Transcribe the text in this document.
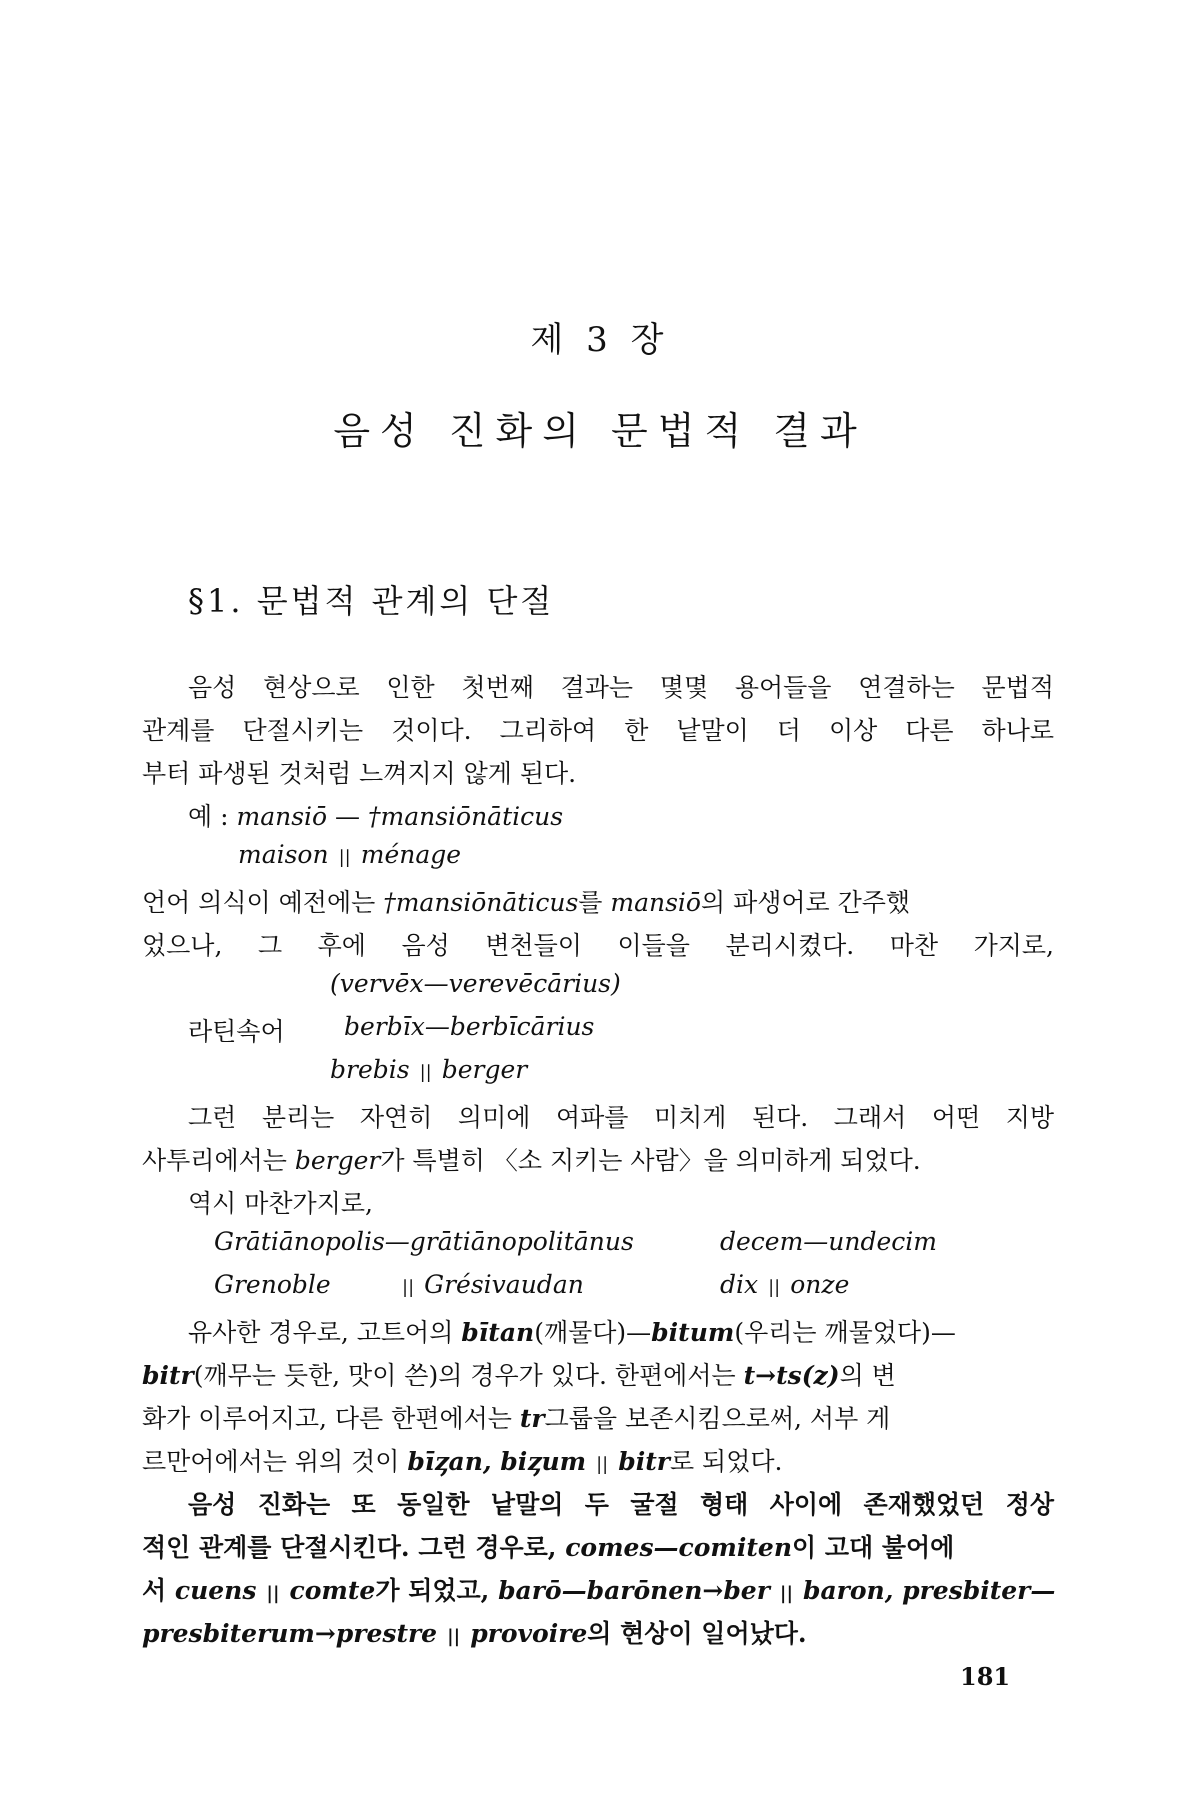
제 3 장
음성 진화의 문법적 결과
§1. 문법적 관계의 단절
음성 현상으로 인한 첫번째 결과는 몇몇 용어들을 연결하는 문법적
관계를 단절시키는 것이다. 그리하여 한 낱말이 더 이상 다른 하나로
부터 파생된 것처럼 느껴지지 않게 된다.
예 : mansiō — †mansiōnāticus
maison || ménage
언어 의식이 예전에는 †mansiōnāticus를 mansiō의 파생어로 간주했
었으나, 그 후에 음성 변천들이 이들을 분리시켰다. 마찬 가지로,
(vervēx—verevēcārius)
라틴속어 berbīx—berbīcārius
brebis || berger
그런 분리는 자연히 의미에 여파를 미치게 된다. 그래서 어떤 지방
사투리에서는 berger가 특별히 〈소 지키는 사람〉을 의미하게 되었다.
역시 마찬가지로,
Grātiānopolis—grātiānopolitānus	decem—undecim
Grenoble	|| Grésivaudan	dix || onze
유사한 경우로, 고트어의 bītan(깨물다)—bitum(우리는 깨물었다)—
bitr(깨무는 듯한, 맛이 쓴)의 경우가 있다. 한편에서는 t→ts(z)의 변
화가 이루어지고, 다른 한편에서는 tr그룹을 보존시킴으로써, 서부 게
르만어에서는 위의 것이 bīȥan, biȥum || bitr로 되었다.
음성 진화는 또 동일한 낱말의 두 굴절 형태 사이에 존재했었던 정상
적인 관계를 단절시킨다. 그런 경우로, comes—comiten이 고대 불어에
서 cuens || comte가 되었고, barō—barōnen→ber || baron, presbiter—
presbiterum→prestre || provoire의 현상이 일어났다.
181
